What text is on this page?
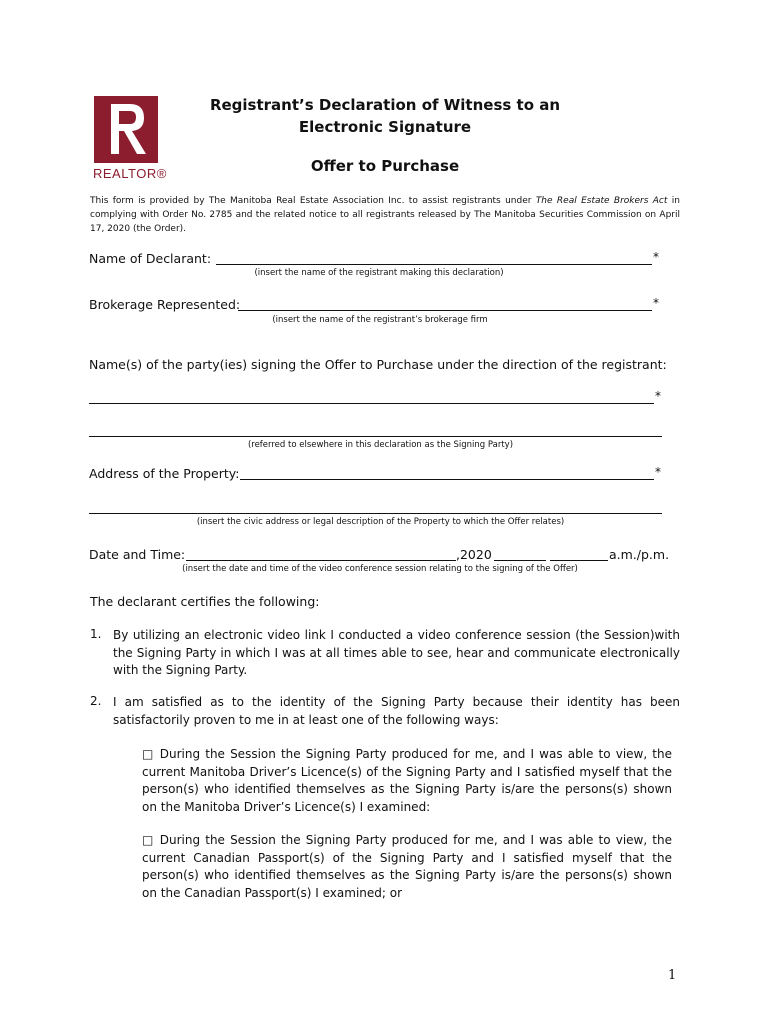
REALTOR®
Registrant’s Declaration of Witness to an
Electronic Signature
Offer to Purchase
This form is provided by The Manitoba Real Estate Association Inc. to assist registrants under The Real Estate Brokers Act in complying with Order No. 2785 and the related notice to all registrants released by The Manitoba Securities Commission on April 17, 2020 (the Order).
Name of Declarant:	*
(insert the name of the registrant making this declaration)
Brokerage Represented:	*
(insert the name of the registrant’s brokerage firm
Name(s) of the party(ies) signing the Offer to Purchase under the direction of the registrant:
*
(referred to elsewhere in this declaration as the Signing Party)
Address of the Property:	*
(insert the civic address or legal description of the Property to which the Offer relates)
Date and Time:	,2020	a.m./p.m.
(insert the date and time of the video conference session relating to the signing of the Offer)
The declarant certifies the following:
1. By utilizing an electronic video link I conducted a video conference session (the Session)with the Signing Party in which I was at all times able to see, hear and communicate electronically with the Signing Party.
2. I am satisfied as to the identity of the Signing Party because their identity has been satisfactorily proven to me in at least one of the following ways:
□ During the Session the Signing Party produced for me, and I was able to view, the current Manitoba Driver’s Licence(s) of the Signing Party and I satisfied myself that the person(s) who identified themselves as the Signing Party is/are the persons(s) shown on the Manitoba Driver’s Licence(s) I examined:
□ During the Session the Signing Party produced for me, and I was able to view, the current Canadian Passport(s) of the Signing Party and I satisfied myself that the person(s) who identified themselves as the Signing Party is/are the persons(s) shown on the Canadian Passport(s) I examined; or
1
